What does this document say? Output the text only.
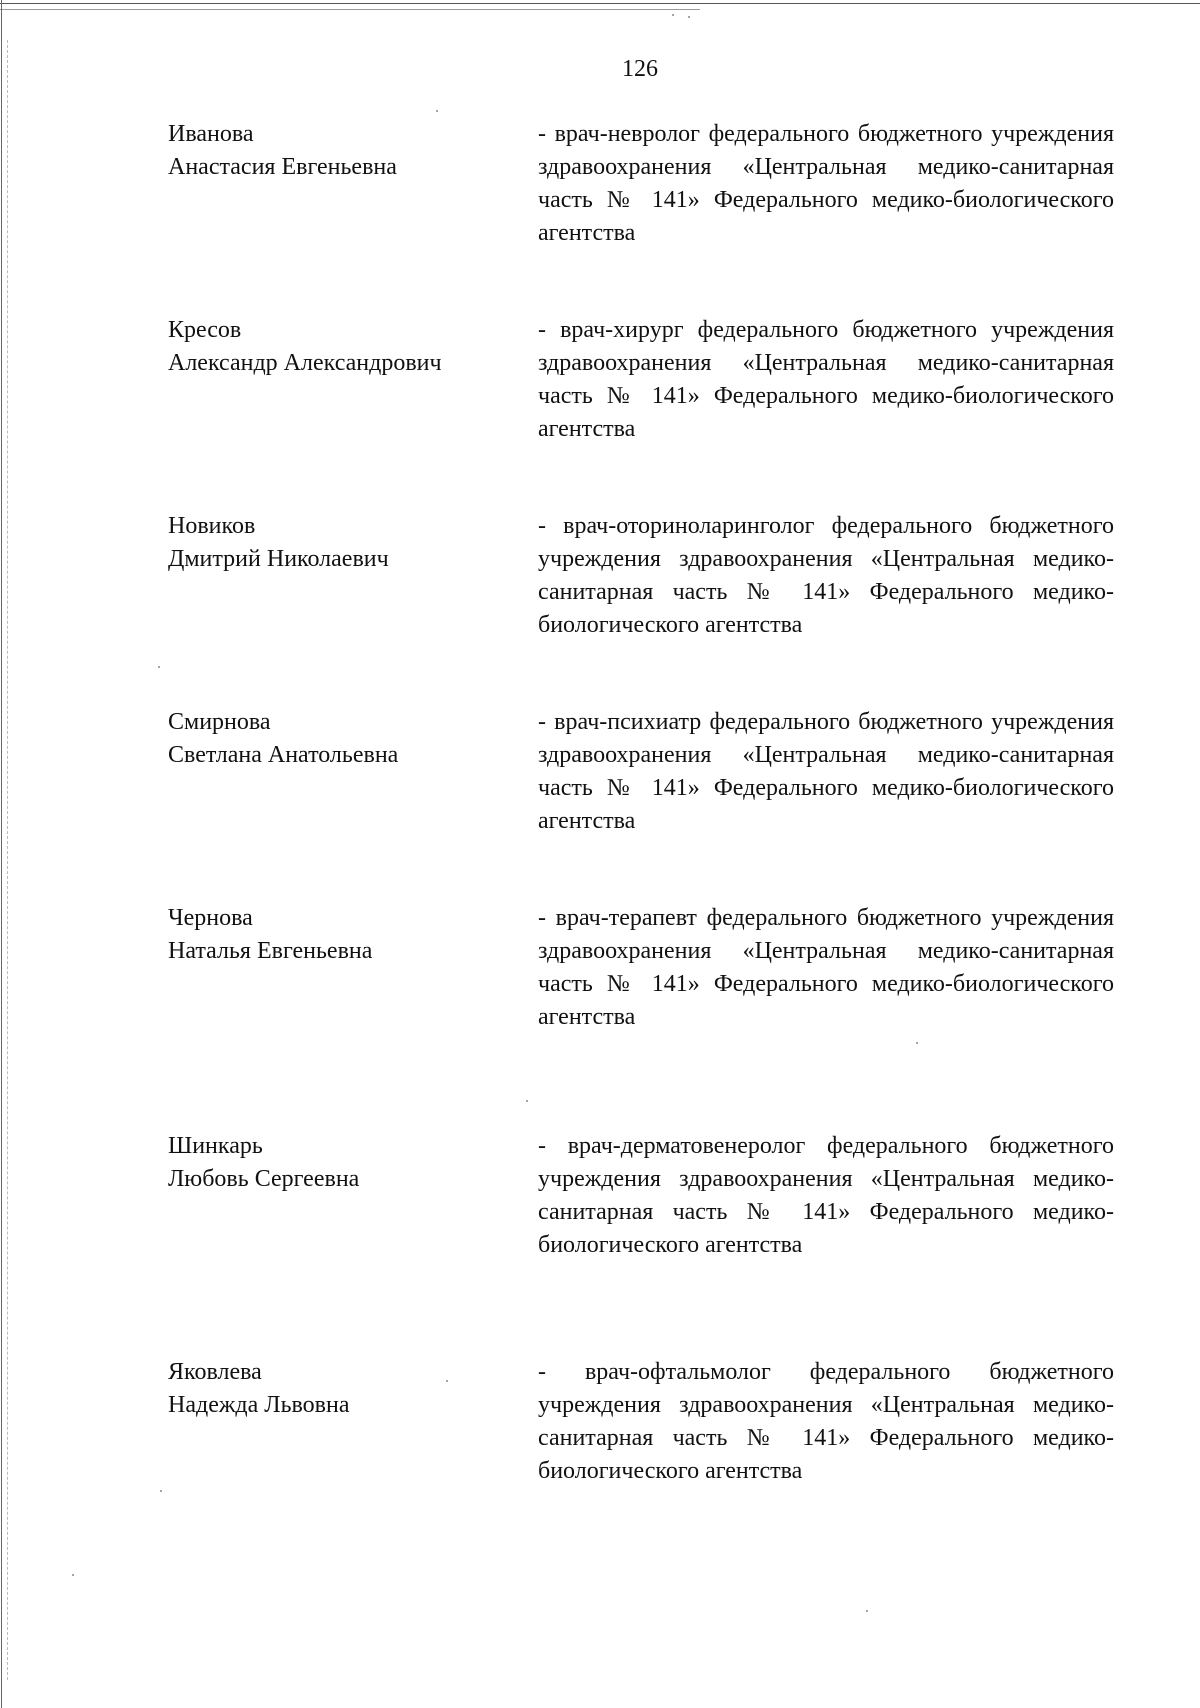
126
Иванова
Анастасия Евгеньевна
- врач-невролог федерального бюджетного учреждения здравоохранения «Центральная медико-санитарная часть № 141» Федерального медико-биологического агентства
Кресов
Александр Александрович
- врач-хирург федерального бюджетного учреждения здравоохранения «Центральная медико-санитарная часть № 141» Федерального медико-биологического агентства
Новиков
Дмитрий Николаевич
- врач-оториноларинголог федерального бюджетного учреждения здравоохранения «Центральная медико-санитарная часть № 141» Федерального медико-биологического агентства
Смирнова
Светлана Анатольевна
- врач-психиатр федерального бюджетного учреждения здравоохранения «Центральная медико-санитарная часть № 141» Федерального медико-биологического агентства
Чернова
Наталья Евгеньевна
- врач-терапевт федерального бюджетного учреждения здравоохранения «Центральная медико-санитарная часть № 141» Федерального медико-биологического агентства
Шинкарь
Любовь Сергеевна
- врач-дерматовенеролог федерального бюджетного учреждения здравоохранения «Центральная медико-санитарная часть № 141» Федерального медико-биологического агентства
Яковлева
Надежда Львовна
- врач-офтальмолог федерального бюджетного учреждения здравоохранения «Центральная медико-санитарная часть № 141» Федерального медико-биологического агентства
